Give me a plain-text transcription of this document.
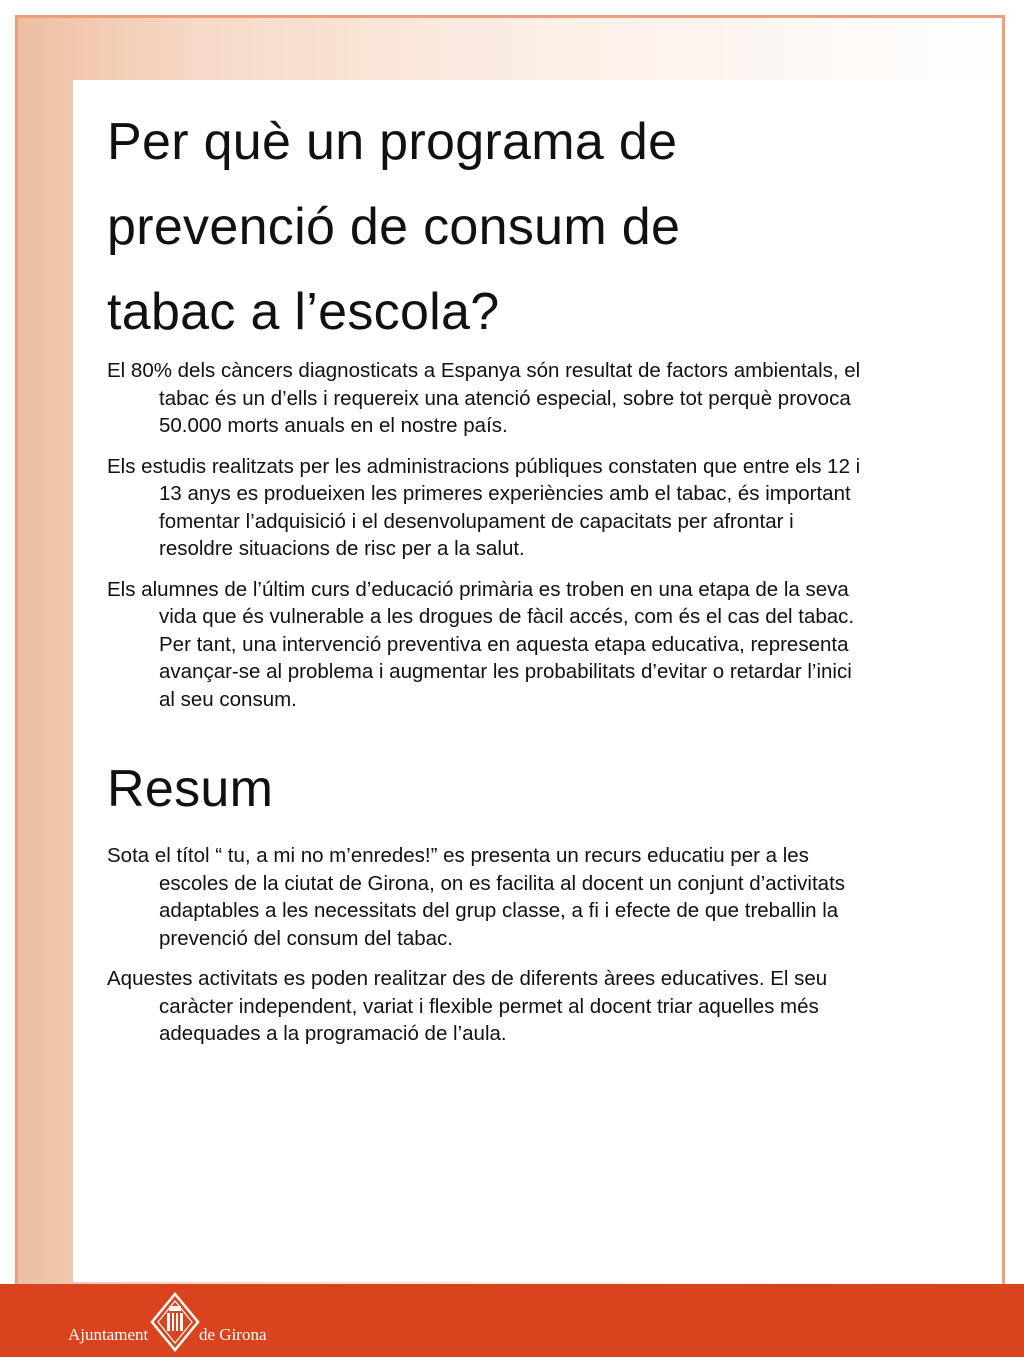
Per què un programa de
prevenció de consum de
tabac a l’escola?

El 80% dels càncers diagnosticats a Espanya són resultat de factors ambientals, el tabac és un d’ells i requereix una atenció especial, sobre tot perquè provoca 50.000 morts anuals en el nostre país.

Els estudis realitzats per les administracions públiques constaten que entre els 12 i 13 anys es produeixen les primeres experiències amb el tabac, és important fomentar l’adquisició i el desenvolupament de capacitats per afrontar i resoldre situacions de risc per a la salut.

Els alumnes de l’últim curs d’educació primària es troben en una etapa de la seva vida que és vulnerable a les drogues de fàcil accés, com és el cas del tabac. Per tant, una intervenció preventiva en aquesta etapa educativa, representa avançar-se al problema i augmentar les probabilitats d’evitar o retardar l’inici al seu consum.

Resum

Sota el títol “ tu, a mi no m’enredes!” es presenta un recurs educatiu per a les escoles de la ciutat de Girona, on es facilita al docent un conjunt d’activitats adaptables a les necessitats del grup classe, a fi i efecte de que treballin la prevenció del consum del tabac.

Aquestes activitats es poden realitzar des de diferents àrees educatives. El seu caràcter independent, variat i flexible permet al docent triar aquelles més adequades a la programació de l’aula.

Ajuntament	de Girona
